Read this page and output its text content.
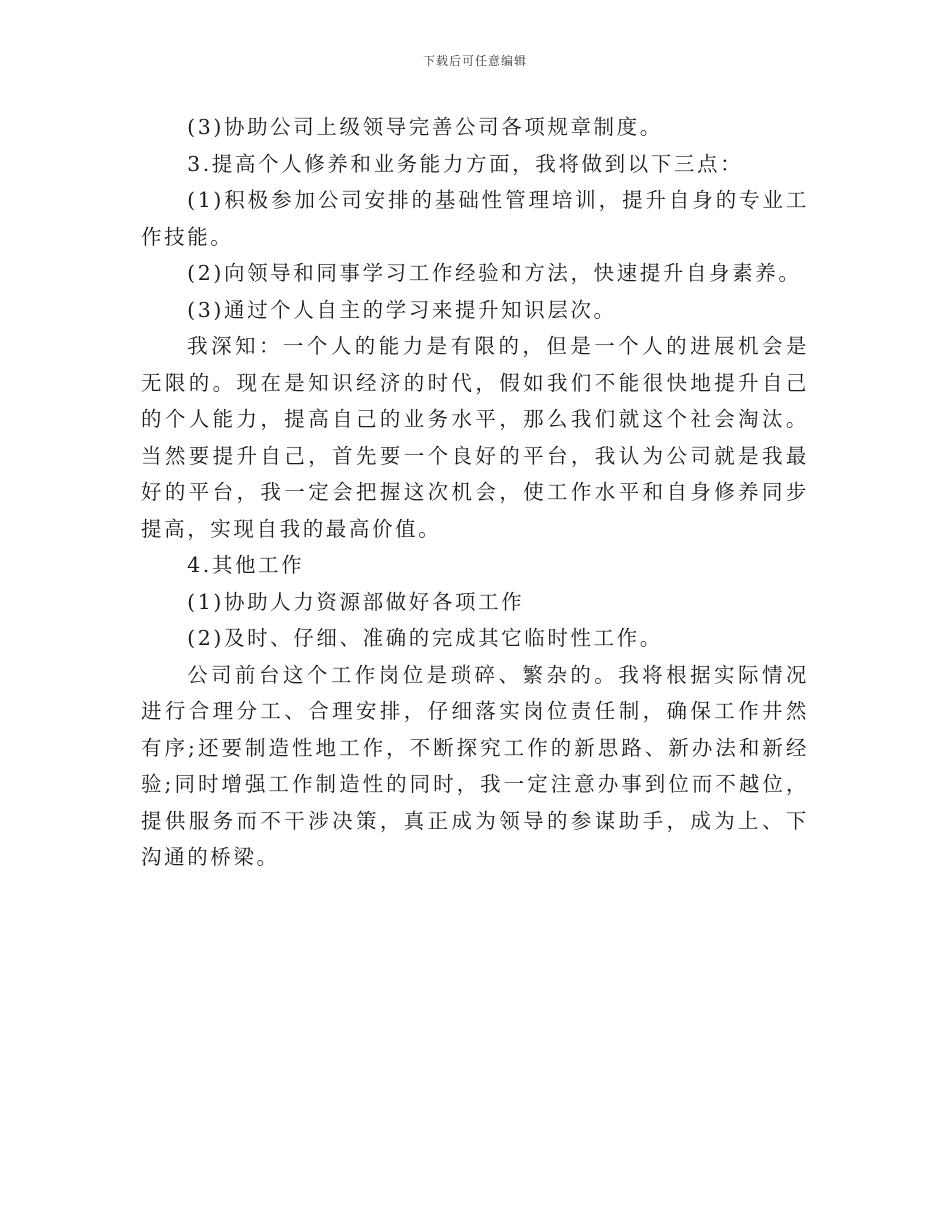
下载后可任意编辑

(3)协助公司上级领导完善公司各项规章制度。

3.提高个人修养和业务能力方面，我将做到以下三点：

(1)积极参加公司安排的基础性管理培训，提升自身的专业工作技能。

(2)向领导和同事学习工作经验和方法，快速提升自身素养。

(3)通过个人自主的学习来提升知识层次。

我深知：一个人的能力是有限的，但是一个人的进展机会是无限的。现在是知识经济的时代，假如我们不能很快地提升自己的个人能力，提高自己的业务水平，那么我们就这个社会淘汰。当然要提升自己，首先要一个良好的平台，我认为公司就是我最好的平台，我一定会把握这次机会，使工作水平和自身修养同步提高，实现自我的最高价值。

4.其他工作

(1)协助人力资源部做好各项工作

(2)及时、仔细、准确的完成其它临时性工作。

公司前台这个工作岗位是琐碎、繁杂的。我将根据实际情况进行合理分工、合理安排，仔细落实岗位责任制，确保工作井然有序;还要制造性地工作，不断探究工作的新思路、新办法和新经验;同时增强工作制造性的同时，我一定注意办事到位而不越位，提供服务而不干涉决策，真正成为领导的参谋助手，成为上、下沟通的桥梁。
